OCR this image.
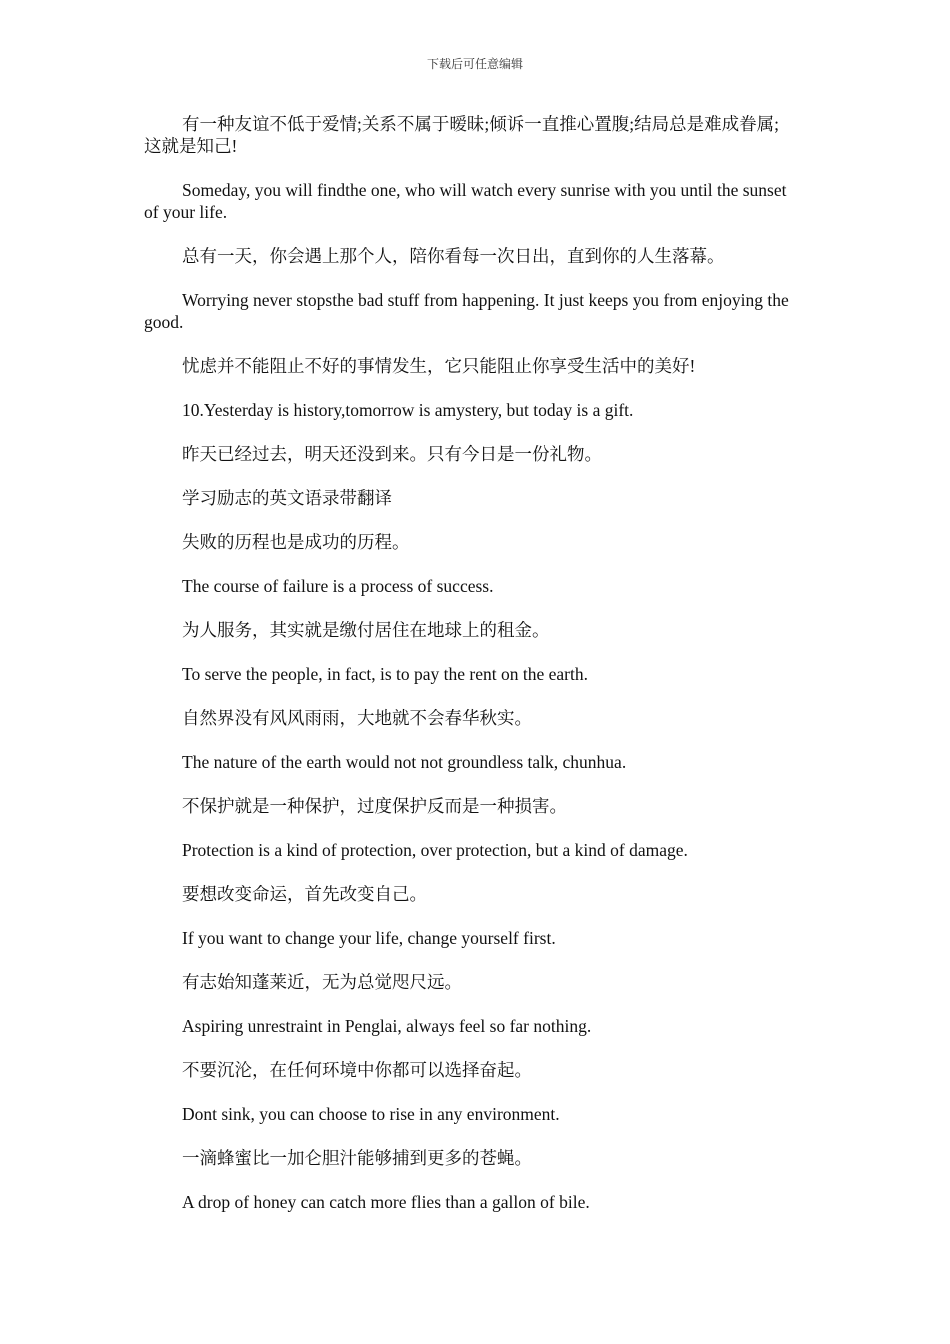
下载后可任意编辑

有一种友谊不低于爱情;关系不属于暧昧;倾诉一直推心置腹;结局总是难成眷属;这就是知己!

Someday, you will findthe one, who will watch every sunrise with you until the sunset of your life.

总有一天，你会遇上那个人，陪你看每一次日出，直到你的人生落幕。

Worrying never stopsthe bad stuff from happening. It just keeps you from enjoying the good.

忧虑并不能阻止不好的事情发生，它只能阻止你享受生活中的美好!

10.Yesterday is history,tomorrow is amystery, but today is a gift.

昨天已经过去，明天还没到来。只有今日是一份礼物。

学习励志的英文语录带翻译

失败的历程也是成功的历程。

The course of failure is a process of success.

为人服务，其实就是缴付居住在地球上的租金。

To serve the people, in fact, is to pay the rent on the earth.

自然界没有风风雨雨，大地就不会春华秋实。

The nature of the earth would not not groundless talk, chunhua.

不保护就是一种保护，过度保护反而是一种损害。

Protection is a kind of protection, over protection, but a kind of damage.

要想改变命运，首先改变自己。

If you want to change your life, change yourself first.

有志始知蓬莱近，无为总觉咫尺远。

Aspiring unrestraint in Penglai, always feel so far nothing.

不要沉沦，在任何环境中你都可以选择奋起。

Dont sink, you can choose to rise in any environment.

一滴蜂蜜比一加仑胆汁能够捕到更多的苍蝇。

A drop of honey can catch more flies than a gallon of bile.
